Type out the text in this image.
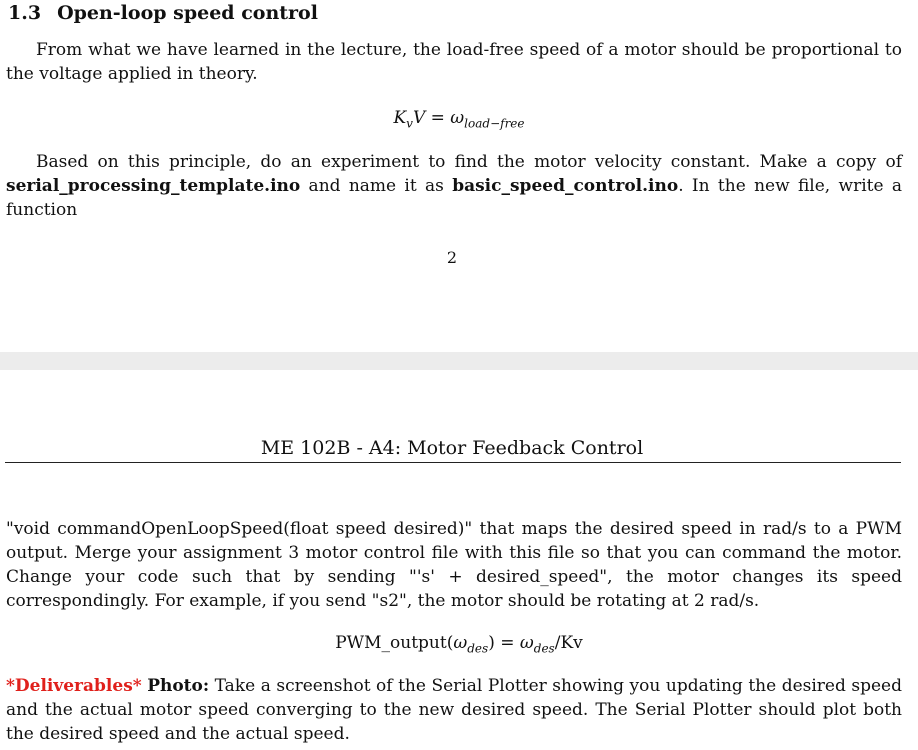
1.3 Open-loop speed control

From what we have learned in the lecture, the load-free speed of a motor should be proportional to the voltage applied in theory.

$K_vV = \omega_{load-free}$

Based on this principle, do an experiment to find the motor velocity constant. Make a copy of serial_processing_template.ino and name it as basic_speed_control.ino. In the new file, write a function

2
ME 102B - A4: Motor Feedback Control

"void commandOpenLoopSpeed(float speed desired)" that maps the desired speed in rad/s to a PWM output. Merge your assignment 3 motor control file with this file so that you can command the motor. Change your code such that by sending "'s' + desired_speed", the motor changes its speed correspondingly. For example, if you send "s2", the motor should be rotating at 2 rad/s.

$PWM\_output(\omega_{des}) = \omega_{des}/Kv$

*Deliverables* Photo: Take a screenshot of the Serial Plotter showing you updating the desired speed and the actual motor speed converging to the new desired speed. The Serial Plotter should plot both the desired speed and the actual speed.
